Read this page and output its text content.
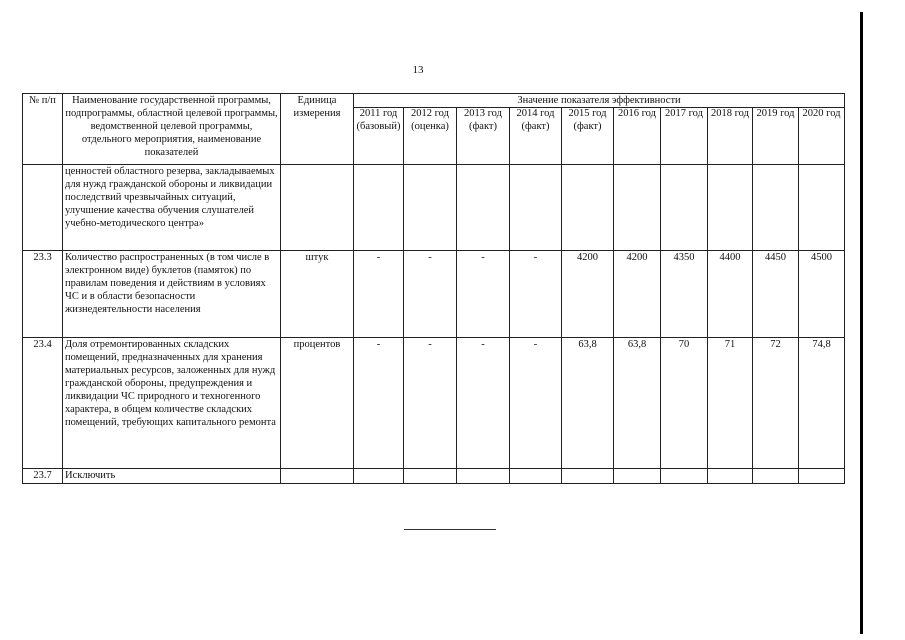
13
№ п/п	Наименование государственной программы, подпрограммы, областной целевой программы, ведомственной целевой программы, отдельного мероприятия, наименование показателей	Единица измерения	Значение показателя эффективности									
			2011 год (базовый)	2012 год (оценка)	2013 год (факт)	2014 год (факт)	2015 год (факт)	2016 год	2017 год	2018 год	2019 год	2020 год
	ценностей областного резерва, закладываемых для нужд гражданской обороны и ликвидации последствий чрезвычайных ситуаций, улучшение качества обучения слушателей учебно-методического центра»											
23.3	Количество распространенных (в том числе в электронном виде) буклетов (памяток) по правилам поведения и действиям в условиях ЧС и в области безопасности жизнедеятельности населения	штук	-	-	-	-	4200	4200	4350	4400	4450	4500
23.4	Доля отремонтированных складских помещений, предназначенных для хранения материальных ресурсов, заложенных для нужд гражданской обороны, предупреждения и ликвидации ЧС природного и техногенного характера, в общем количестве складских помещений, требующих капитального ремонта	процентов	-	-	-	-	63,8	63,8	70	71	72	74,8
23.7	Исключить											
